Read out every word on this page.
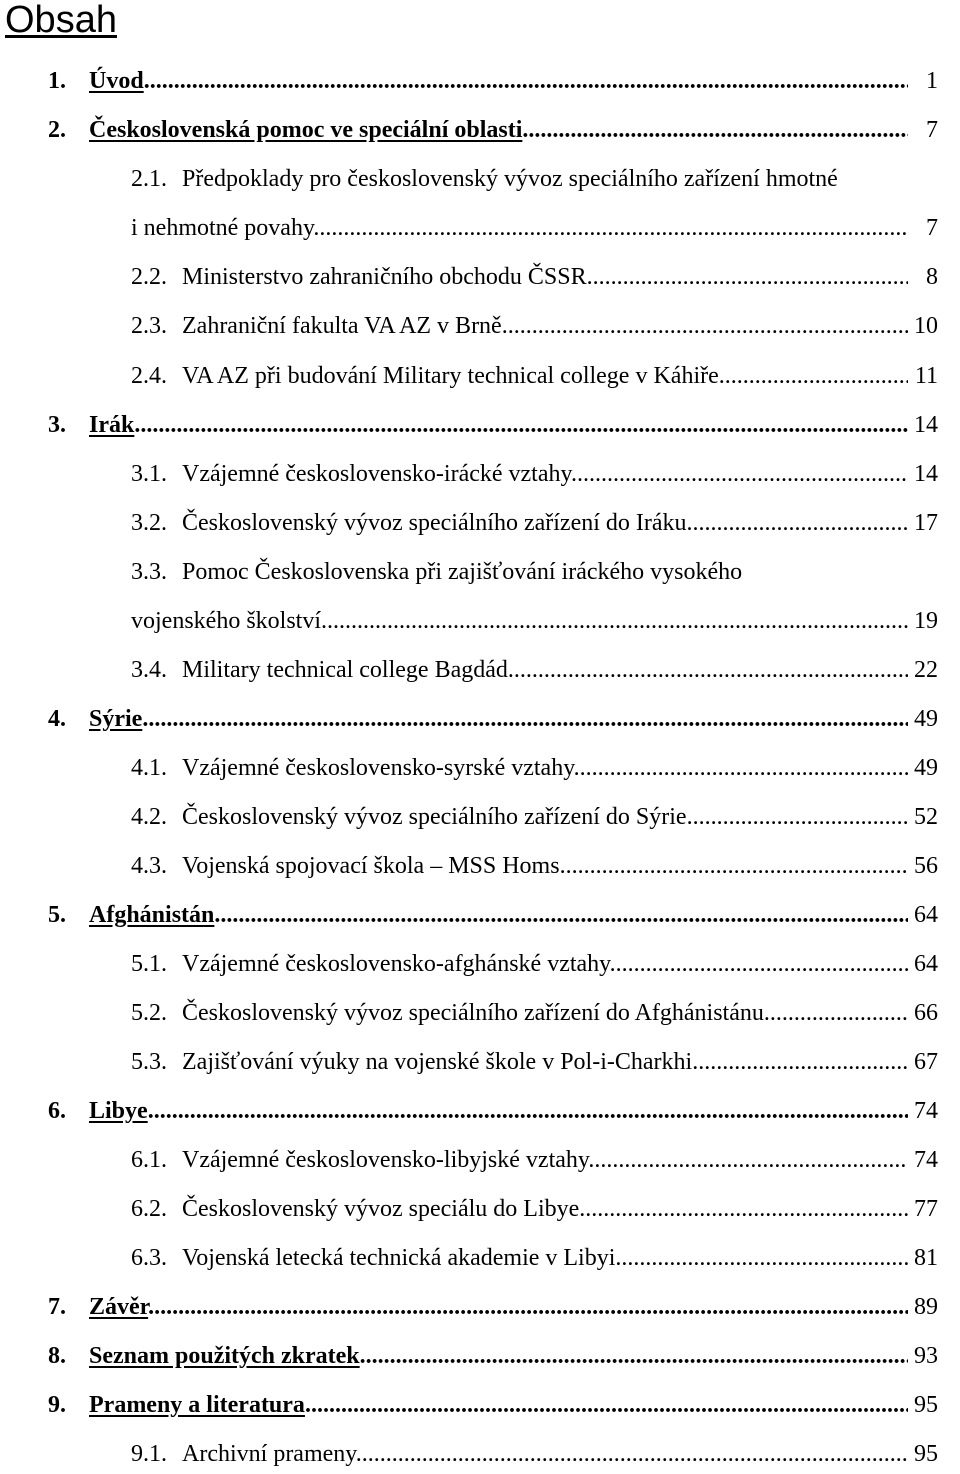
Obsah
1. Úvod .....	1
2. Československá pomoc ve speciální oblasti .....	7
2.1. Předpoklady pro československý vývoz speciálního zařízení hmotné
i nehmotné povahy .....	7
2.2. Ministerstvo zahraničního obchodu ČSSR .....	8
2.3. Zahraniční fakulta VA AZ v Brně .....	10
2.4. VA AZ při budování Military technical college v Káhiře .....	11
3. Irák .....	14
3.1. Vzájemné československo-irácké vztahy .....	14
3.2. Československý vývoz speciálního zařízení do Iráku .....	17
3.3. Pomoc Československa při zajišťování iráckého vysokého
vojenského školství .....	19
3.4. Military technical college Bagdád .....	22
4. Sýrie .....	49
4.1. Vzájemné československo-syrské vztahy .....	49
4.2. Československý vývoz speciálního zařízení do Sýrie .....	52
4.3. Vojenská spojovací škola – MSS Homs .....	56
5. Afghánistán .....	64
5.1. Vzájemné československo-afghánské vztahy .....	64
5.2. Československý vývoz speciálního zařízení do Afghánistánu .....	66
5.3. Zajišťování výuky na vojenské škole v Pol-i-Charkhi .....	67
6. Libye .....	74
6.1. Vzájemné československo-libyjské vztahy .....	74
6.2. Československý vývoz speciálu do Libye .....	77
6.3. Vojenská letecká technická akademie v Libyi .....	81
7. Závěr .....	89
8. Seznam použitých zkratek .....	93
9. Prameny a literatura .....	95
9.1. Archivní prameny .....	95
